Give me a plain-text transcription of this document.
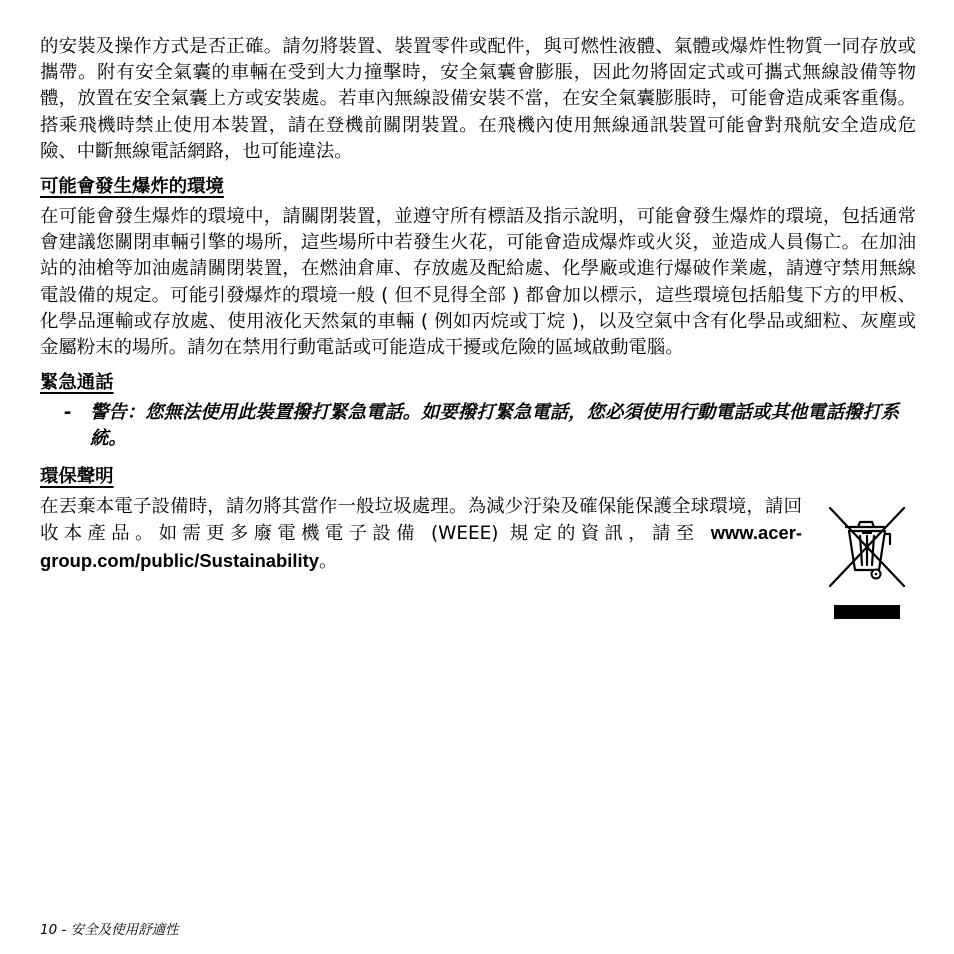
的安裝及操作方式是否正確。請勿將裝置、裝置零件或配件，與可燃性液體、氣體或爆炸性物質一同存放或攜帶。附有安全氣囊的車輛在受到大力撞擊時，安全氣囊會膨脹，因此勿將固定式或可攜式無線設備等物體，放置在安全氣囊上方或安裝處。若車內無線設備安裝不當，在安全氣囊膨脹時，可能會造成乘客重傷。搭乘飛機時禁止使用本裝置，請在登機前關閉裝置。在飛機內使用無線通訊裝置可能會對飛航安全造成危險、中斷無線電話網路，也可能違法。

可能會發生爆炸的環境

在可能會發生爆炸的環境中，請關閉裝置，並遵守所有標語及指示說明，可能會發生爆炸的環境，包括通常會建議您關閉車輛引擎的場所，這些場所中若發生火花，可能會造成爆炸或火災，並造成人員傷亡。在加油站的油槍等加油處請關閉裝置，在燃油倉庫、存放處及配給處、化學廠或進行爆破作業處，請遵守禁用無線電設備的規定。可能引發爆炸的環境一般 ( 但不見得全部 ) 都會加以標示，這些環境包括船隻下方的甲板、化學品運輸或存放處、使用液化天然氣的車輛 ( 例如丙烷或丁烷 )，以及空氣中含有化學品或細粒、灰塵或金屬粉末的場所。請勿在禁用行動電話或可能造成干擾或危險的區域啟動電腦。

緊急通話
- 警告：您無法使用此裝置撥打緊急電話。如要撥打緊急電話，您必須使用行動電話或其他電話撥打系統。

環保聲明

在丟棄本電子設備時，請勿將其當作一般垃圾處理。為減少汙染及確保能保護全球環境，請回收本產品。如需更多廢電機電子設備 (WEEE) 規定的資訊，請至 www.acer-group.com/public/Sustainability。

10 - 安全及使用舒適性
